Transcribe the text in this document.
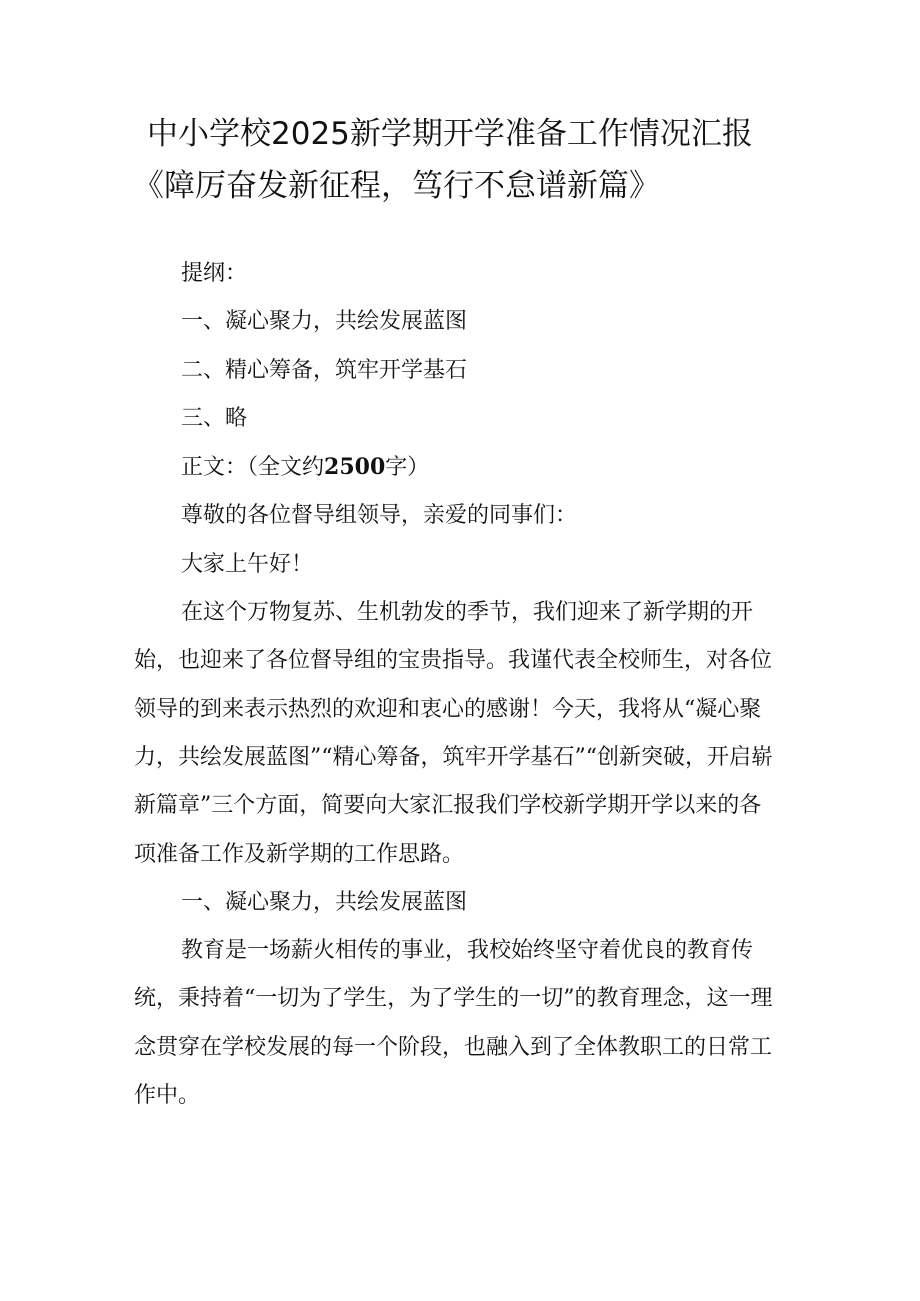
中小学校2025新学期开学准备工作情况汇报《障厉奋发新征程，笃行不怠谱新篇》

提纲：

一、凝心聚力，共绘发展蓝图

二、精心筹备，筑牢开学基石

三、略

正文：（全文约2500字）

尊敬的各位督导组领导，亲爱的同事们：

大家上午好！

在这个万物复苏、生机勃发的季节，我们迎来了新学期的开始，也迎来了各位督导组的宝贵指导。我谨代表全校师生，对各位领导的到来表示热烈的欢迎和衷心的感谢！今天，我将从“凝心聚力，共绘发展蓝图”“精心筹备，筑牢开学基石”“创新突破，开启崭新篇章”三个方面，简要向大家汇报我们学校新学期开学以来的各项准备工作及新学期的工作思路。

一、凝心聚力，共绘发展蓝图

教育是一场薪火相传的事业，我校始终坚守着优良的教育传统，秉持着“一切为了学生，为了学生的一切”的教育理念，这一理念贯穿在学校发展的每一个阶段，也融入到了全体教职工的日常工作中。
